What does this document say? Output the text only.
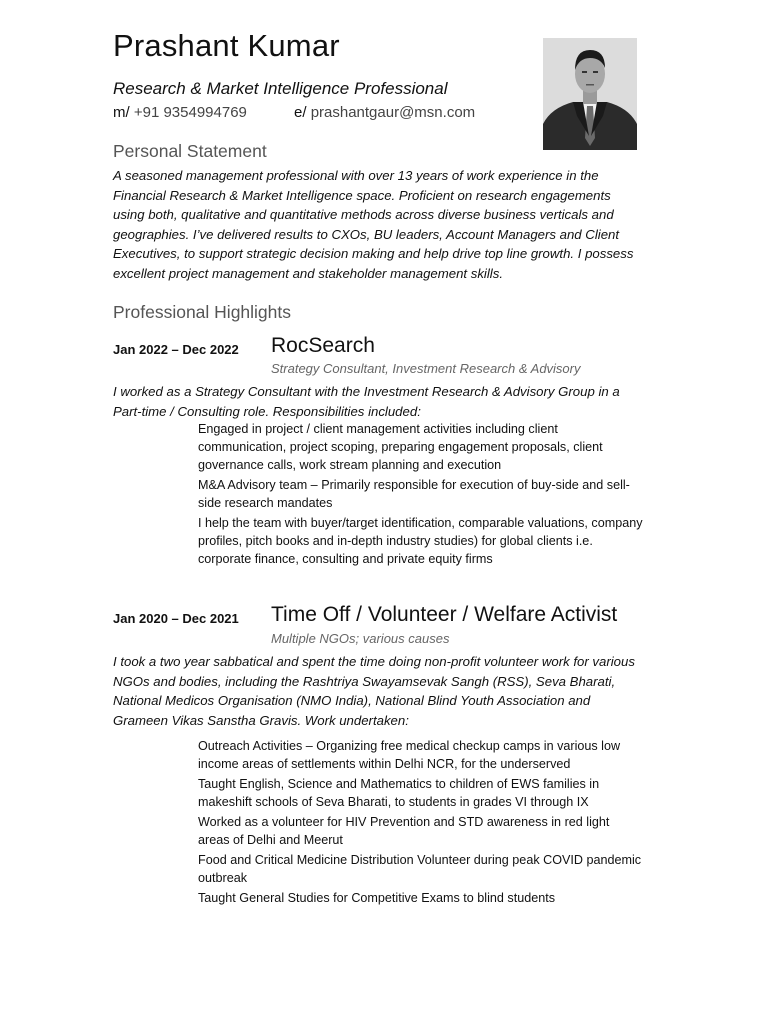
Prashant Kumar
Research & Market Intelligence Professional
m/ +91 9354994769	e/ prashantgaur@msn.com
Personal Statement
A seasoned management professional with over 13 years of work experience in the Financial Research & Market Intelligence space. Proficient on research engagements using both, qualitative and quantitative methods across diverse business verticals and geographies. I’ve delivered results to CXOs, BU leaders, Account Managers and Client Executives, to support strategic decision making and help drive top line growth. I possess excellent project management and stakeholder management skills.
Professional Highlights
Jan 2022 – Dec 2022 RocSearch
Strategy Consultant, Investment Research & Advisory
I worked as a Strategy Consultant with the Investment Research & Advisory Group in a Part-time / Consulting role. Responsibilities included:
Engaged in project / client management activities including client communication, project scoping, preparing engagement proposals, client governance calls, work stream planning and execution
M&A Advisory team – Primarily responsible for execution of buy-side and sell-side research mandates
I help the team with buyer/target identification, comparable valuations, company profiles, pitch books and in-depth industry studies) for global clients i.e. corporate finance, consulting and private equity firms
Jan 2020 – Dec 2021 Time Off / Volunteer / Welfare Activist
Multiple NGOs; various causes
I took a two year sabbatical and spent the time doing non-profit volunteer work for various NGOs and bodies, including the Rashtriya Swayamsevak Sangh (RSS), Seva Bharati, National Medicos Organisation (NMO India), National Blind Youth Association and Grameen Vikas Sanstha Gravis. Work undertaken:
Outreach Activities – Organizing free medical checkup camps in various low income areas of settlements within Delhi NCR, for the underserved
Taught English, Science and Mathematics to children of EWS families in makeshift schools of Seva Bharati, to students in grades VI through IX
Worked as a volunteer for HIV Prevention and STD awareness in red light areas of Delhi and Meerut
Food and Critical Medicine Distribution Volunteer during peak COVID pandemic outbreak
Taught General Studies for Competitive Exams to blind students
